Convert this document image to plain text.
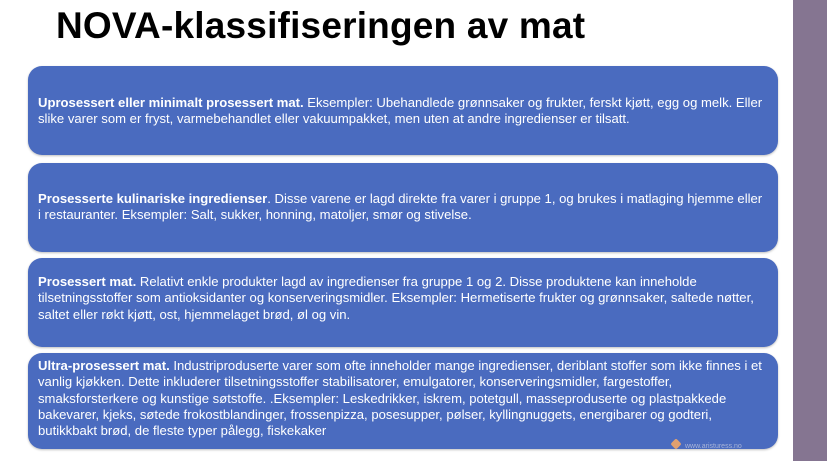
NOVA-klassifiseringen av mat
Uprosessert eller minimalt prosessert mat. Eksempler: Ubehandlede grønnsaker og frukter, ferskt kjøtt, egg og melk. Eller slike varer som er fryst, varmebehandlet eller vakuumpakket, men uten at andre ingredienser er tilsatt.
Prosesserte kulinariske ingredienser. Disse varene er lagd direkte fra varer i gruppe 1, og brukes i matlaging hjemme eller i restauranter. Eksempler: Salt, sukker, honning, matoljer, smør og stivelse.
Prosessert mat. Relativt enkle produkter lagd av ingredienser fra gruppe 1 og 2. Disse produktene kan inneholde tilsetningsstoffer som antioksidanter og konserveringsmidler. Eksempler: Hermetiserte frukter og grønnsaker, saltede nøtter, saltet eller røkt kjøtt, ost, hjemmelaget brød, øl og vin.
Ultra-prosessert mat. Industriproduserte varer som ofte inneholder mange ingredienser, deriblant stoffer som ikke finnes i et vanlig kjøkken. Dette inkluderer tilsetningsstoffer stabilisatorer, emulgatorer, konserveringsmidler, fargestoffer, smaksforsterkere og kunstige søtstoffe. .Eksempler: Leskedrikker, iskrem, potetgull, masseproduserte og plastpakkede bakevarer, kjeks, søtede frokostblandinger, frossenpizza, posesupper, pølser, kyllingnuggets, energibarer og godteri, butikkbakt brød, de fleste typer pålegg, fiskekaker
www.aristuress.no
